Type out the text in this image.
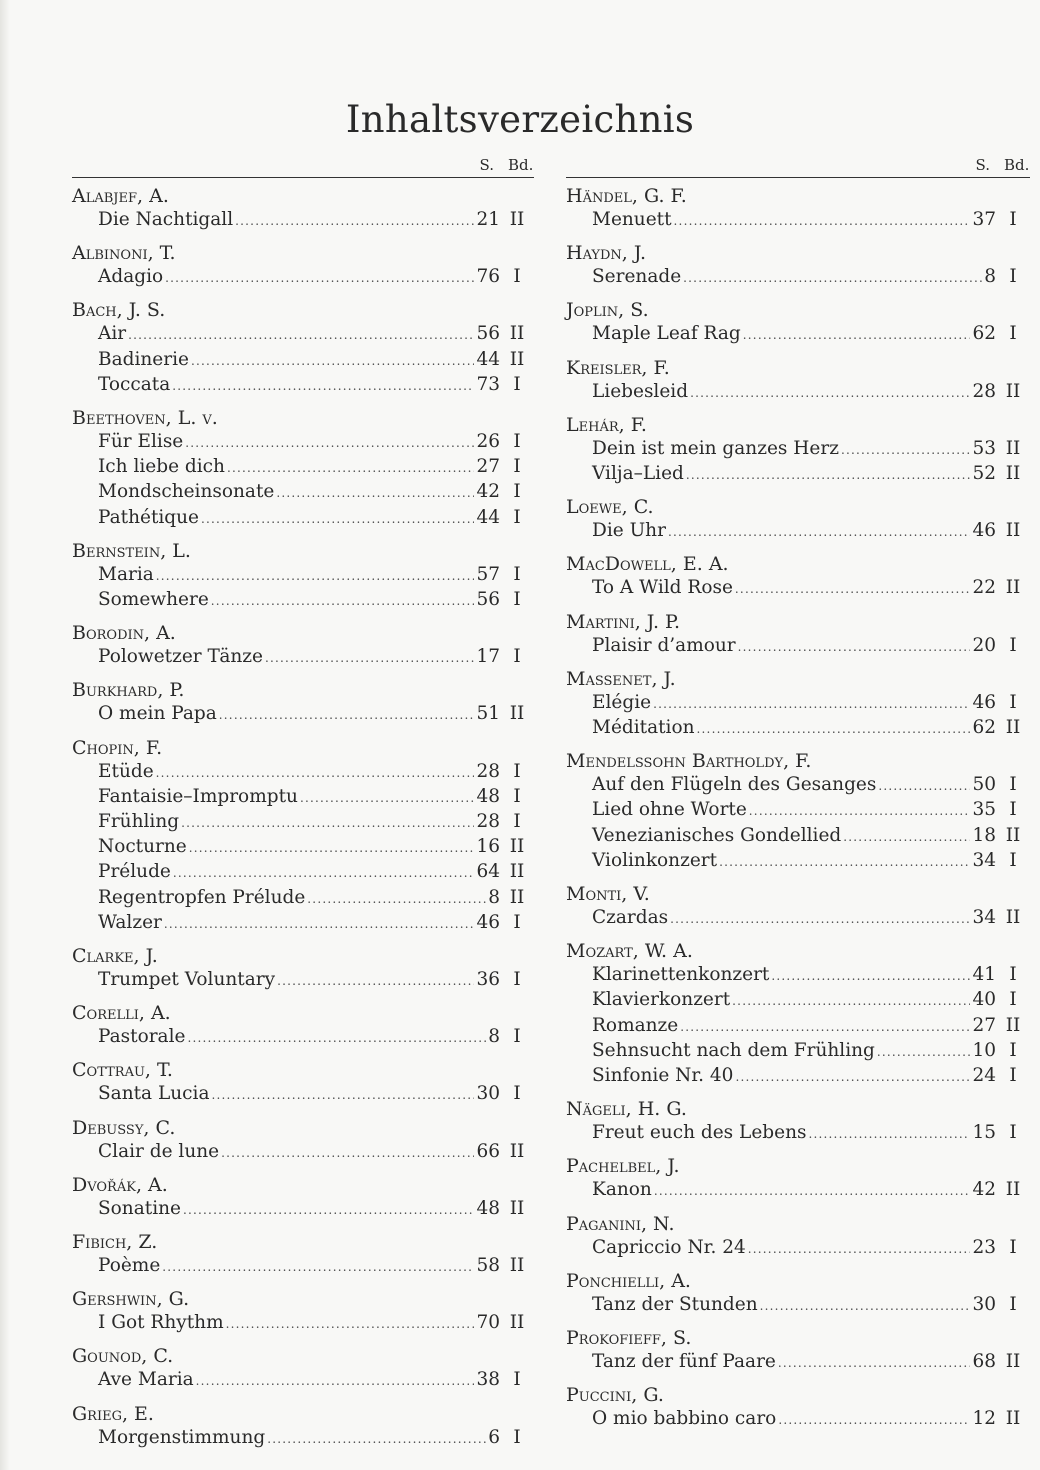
Inhaltsverzeichnis
S. Bd.
Alabjef, A.
Die Nachtigall .....	21 II
Albinoni, T.
Adagio .....	76 I
Bach, J. S.
Air .....	56 II
Badinerie .....	44 II
Toccata .....	73 I
Beethoven, L. v.
Für Elise .....	26 I
Ich liebe dich .....	27 I
Mondscheinsonate .....	42 I
Pathétique .....	44 I
Bernstein, L.
Maria .....	57 I
Somewhere .....	56 I
Borodin, A.
Polowetzer Tänze .....	17 I
Burkhard, P.
O mein Papa .....	51 II
Chopin, F.
Etüde .....	28 I
Fantaisie–Impromptu .....	48 I
Frühling .....	28 I
Nocturne .....	16 II
Prélude .....	64 II
Regentropfen Prélude .....	8 II
Walzer .....	46 I
Clarke, J.
Trumpet Voluntary .....	36 I
Corelli, A.
Pastorale .....	8 I
Cottrau, T.
Santa Lucia .....	30 I
Debussy, C.
Clair de lune .....	66 II
Dvořák, A.
Sonatine .....	48 II
Fibich, Z.
Poème .....	58 II
Gershwin, G.
I Got Rhythm .....	70 II
Gounod, C.
Ave Maria .....	38 I
Grieg, E.
Morgenstimmung .....	6 I
S. Bd.
Händel, G. F.
Menuett .....	37 I
Haydn, J.
Serenade .....	8 I
Joplin, S.
Maple Leaf Rag .....	62 I
Kreisler, F.
Liebesleid .....	28 II
Lehár, F.
Dein ist mein ganzes Herz .....	53 II
Vilja–Lied .....	52 II
Loewe, C.
Die Uhr .....	46 II
MacDowell, E. A.
To A Wild Rose .....	22 II
Martini, J. P.
Plaisir d’amour .....	20 I
Massenet, J.
Elégie .....	46 I
Méditation .....	62 II
Mendelssohn Bartholdy, F.
Auf den Flügeln des Gesanges .....	50 I
Lied ohne Worte .....	35 I
Venezianisches Gondellied .....	18 II
Violinkonzert .....	34 I
Monti, V.
Czardas .....	34 II
Mozart, W. A.
Klarinettenkonzert .....	41 I
Klavierkonzert .....	40 I
Romanze .....	27 II
Sehnsucht nach dem Frühling .....	10 I
Sinfonie Nr. 40 .....	24 I
Nägeli, H. G.
Freut euch des Lebens .....	15 I
Pachelbel, J.
Kanon .....	42 II
Paganini, N.
Capriccio Nr. 24 .....	23 I
Ponchielli, A.
Tanz der Stunden .....	30 I
Prokofieff, S.
Tanz der fünf Paare .....	68 II
Puccini, G.
O mio babbino caro .....	12 II
